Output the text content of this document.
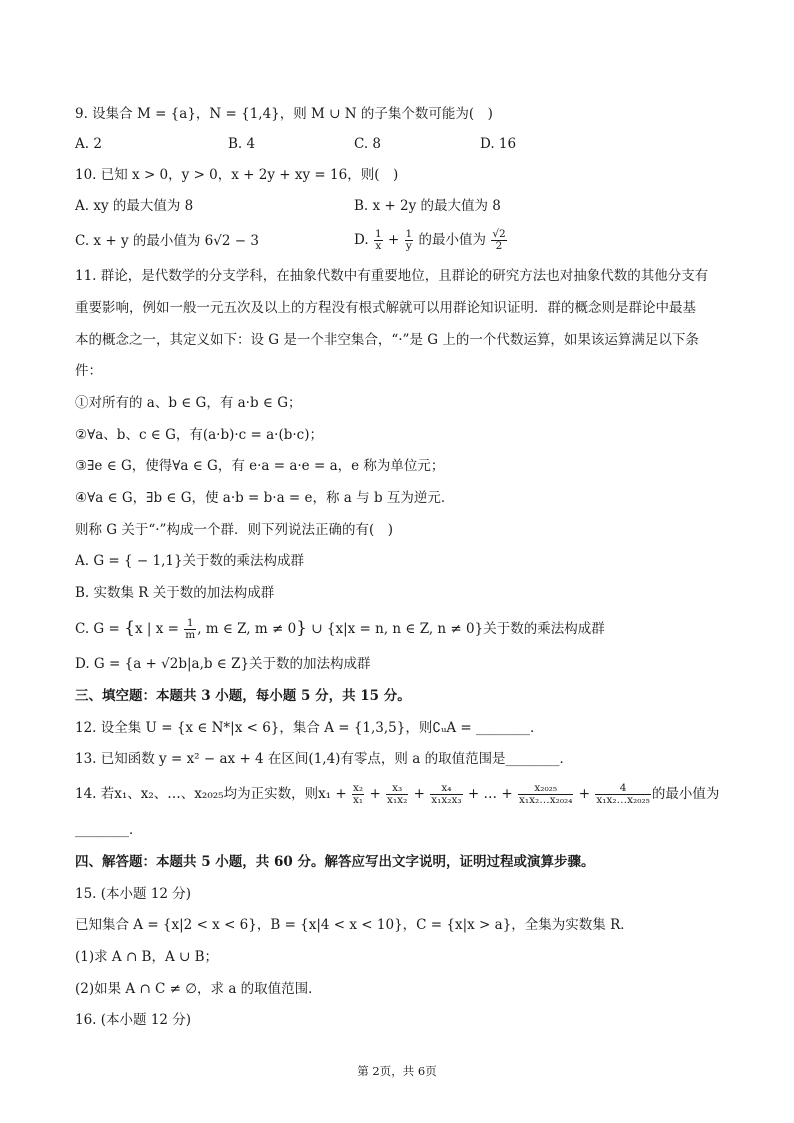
9. 设集合 M = {a}，N = {1,4}，则 M ∪ N 的子集个数可能为(　)
A. 2	B. 4	C. 8	D. 16
10. 已知 x > 0，y > 0，x + 2y + xy = 16，则(　)
A. xy 的最大值为 8	B. x + 2y 的最大值为 8
C. x + y 的最小值为 6√2 − 3	D. $\frac{1}{x} + \frac{1}{y}$ 的最小值为 $\frac{√2}{2}$
11. 群论，是代数学的分支学科，在抽象代数中有重要地位，且群论的研究方法也对抽象代数的其他分支有
重要影响，例如一般一元五次及以上的方程没有根式解就可以用群论知识证明．群的概念则是群论中最基
本的概念之一，其定义如下：设 G 是一个非空集合，“·”是 G 上的一个代数运算，如果该运算满足以下条
件：
①对所有的 a、b ∈ G，有 a·b ∈ G；
②∀a、b、c ∈ G，有(a·b)·c = a·(b·c)；
③∃e ∈ G，使得∀a ∈ G，有 e·a = a·e = a，e 称为单位元；
④∀a ∈ G，∃b ∈ G，使 a·b = b·a = e，称 a 与 b 互为逆元．
则称 G 关于“·”构成一个群．则下列说法正确的有(　)
A. G = { − 1,1}关于数的乘法构成群
B. 实数集 R 关于数的加法构成群
C. G = {x | $x = \frac{1}{m}$ , m ∈ Z, m ≠ 0} ∪ {x|x = n, n ∈ Z, n ≠ 0}关于数的乘法构成群
D. G = {a + √2b|a,b ∈ Z}关于数的加法构成群
三、填空题：本题共 3 小题，每小题 5 分，共 15 分。
12. 设全集 U = {x ∈ N*|x < 6}，集合 A = {1,3,5}，则∁ᵤA = ________．
13. 已知函数 y = x² − ax + 4 在区间(1,4)有零点，则 a 的取值范围是________．
14. 若x₁、x₂、…、x₂₀₂₅均为正实数，则$x_1 + \frac{\text{x₂}}{\text{x₁}} + \frac{\text{x₃}}{\text{x₁x₂}} + \frac{\text{x₄}}{\text{x₁x₂x₃}}$ + … + $\frac{\text{x₂₀₂₅}}{\text{x₁x₂…x₂₀₂₄}} + \frac{4}{\text{x₁x₂…x₂₀₂₅}}$ 的最小值为
________．
四、解答题：本题共 5 小题，共 60 分。解答应写出文字说明，证明过程或演算步骤。
15. (本小题 12 分)
已知集合 A = {x|2 < x < 6}，B = {x|4 < x < 10}，C = {x|x > a}，全集为实数集 R．
(1)求 A ∩ B，A ∪ B；
(2)如果 A ∩ C ≠ ∅，求 a 的取值范围．
16. (本小题 12 分)
第 2页，共 6页
